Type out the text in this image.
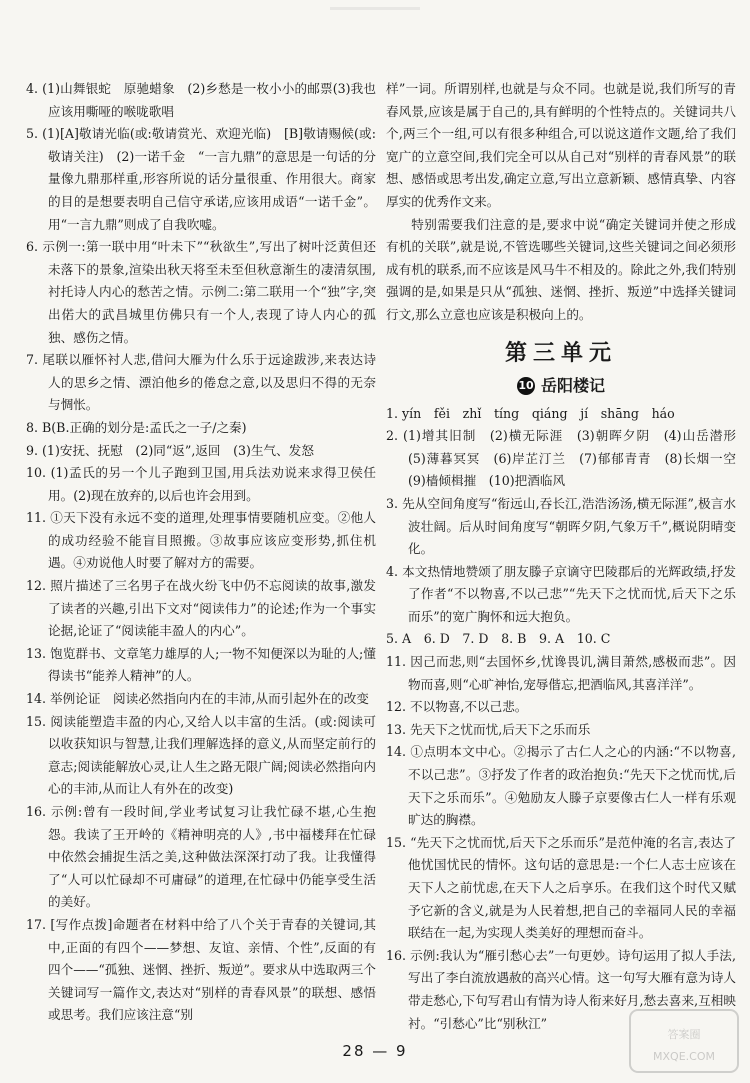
4. (1)山舞银蛇　原驰蜡象　(2)乡愁是一枚小小的邮票(3)我也应该用嘶哑的喉咙歌唱

5. (1)[A]敬请光临(或:敬请赏光、欢迎光临)　[B]敬请赐候(或:敬请关注)　(2)一诺千金　“一言九鼎”的意思是一句话的分量像九鼎那样重,形容所说的话分量很重、作用很大。商家的目的是想要表明自己信守承诺,应该用成语“一诺千金”。用“一言九鼎”则成了自我吹嘘。

6. 示例一:第一联中用“叶未下”“秋欲生”,写出了树叶泛黄但还未落下的景象,渲染出秋天将至未至但秋意渐生的凄清氛围,衬托诗人内心的愁苦之情。示例二:第二联用一个“独”字,突出偌大的武昌城里仿佛只有一个人,表现了诗人内心的孤独、感伤之情。

7. 尾联以雁怀衬人悲,借问大雁为什么乐于远途跋涉,来表达诗人的思乡之情、漂泊他乡的倦怠之意,以及思归不得的无奈与惆怅。

8. B(B.正确的划分是:孟氏之一子/之秦)

9. (1)安抚、抚慰　(2)同“返”,返回　(3)生气、发怒

10. (1)孟氏的另一个儿子跑到卫国,用兵法劝说来求得卫侯任用。(2)现在放弃的,以后也许会用到。

11. ①天下没有永远不变的道理,处理事情要随机应变。②他人的成功经验不能盲目照搬。③故事应该应变形势,抓住机遇。④劝说他人时要了解对方的需要。

12. 照片描述了三名男子在战火纷飞中仍不忘阅读的故事,激发了读者的兴趣,引出下文对“阅读伟力”的论述;作为一个事实论据,论证了“阅读能丰盈人的内心”。

13. 饱览群书、文章笔力雄厚的人;一物不知便深以为耻的人;懂得读书“能养人精神”的人。

14. 举例论证　阅读必然指向内在的丰沛,从而引起外在的改变

15. 阅读能塑造丰盈的内心,又给人以丰富的生活。(或:阅读可以收获知识与智慧,让我们理解选择的意义,从而坚定前行的意志;阅读能解放心灵,让人生之路无限广阔;阅读必然指向内心的丰沛,从而让人有外在的改变)

16. 示例:曾有一段时间,学业考试复习让我忙碌不堪,心生抱怨。我读了王开岭的《精神明亮的人》,书中福楼拜在忙碌中依然会捕捉生活之美,这种做法深深打动了我。让我懂得了“人可以忙碌却不可庸碌”的道理,在忙碌中仍能享受生活的美好。

17. [写作点拨]命题者在材料中给了八个关于青春的关键词,其中,正面的有四个——梦想、友谊、亲情、个性”,反面的有四个——“孤独、迷惘、挫折、叛逆”。要求从中选取两三个关键词写一篇作文,表达对“别样的青春风景”的联想、感悟或思考。我们应该注意“别

样”一词。所谓别样,也就是与众不同。也就是说,我们所写的青春风景,应该是属于自己的,具有鲜明的个性特点的。关键词共八个,两三个一组,可以有很多种组合,可以说这道作文题,给了我们宽广的立意空间,我们完全可以从自己对“别样的青春风景”的联想、感悟或思考出发,确定立意,写出立意新颖、感情真挚、内容厚实的优秀作文来。

特别需要我们注意的是,要求中说“确定关键词并使之形成有机的关联”,就是说,不管选哪些关键词,这些关键词之间必须形成有机的联系,而不应该是风马牛不相及的。除此之外,我们特别强调的是,如果是只从“孤独、迷惘、挫折、叛逆”中选择关键词行文,那么立意也应该是积极向上的。

第三单元
10 岳阳楼记

1. yín　fěi　zhǐ　tíng　qiáng　jí　shāng　háo

2. (1)增其旧制　(2)横无际涯　(3)朝晖夕阴　(4)山岳潜形　(5)薄暮冥冥　(6)岸芷汀兰　(7)郁郁青青　(8)长烟一空　(9)樯倾楫摧　(10)把酒临风

3. 先从空间角度写“衔远山,吞长江,浩浩汤汤,横无际涯”,极言水波壮阔。后从时间角度写“朝晖夕阴,气象万千”,概说阴晴变化。

4. 本文热情地赞颂了朋友滕子京谪守巴陵郡后的光辉政绩,抒发了作者“不以物喜,不以己悲”“先天下之忧而忧,后天下之乐而乐”的宽广胸怀和远大抱负。

5. A　6. D　7. D　8. B　9. A　10. C

11. 因己而悲,则“去国怀乡,忧谗畏讥,满目萧然,感极而悲”。因物而喜,则“心旷神怡,宠辱偕忘,把酒临风,其喜洋洋”。

12. 不以物喜,不以己悲。

13. 先天下之忧而忧,后天下之乐而乐

14. ①点明本文中心。②揭示了古仁人之心的内涵:“不以物喜,不以己悲”。③抒发了作者的政治抱负:“先天下之忧而忧,后天下之乐而乐”。④勉励友人滕子京要像古仁人一样有乐观旷达的胸襟。

15. “先天下之忧而忧,后天下之乐而乐”是范仲淹的名言,表达了他忧国忧民的情怀。这句话的意思是:一个仁人志士应该在天下人之前忧虑,在天下人之后享乐。在我们这个时代又赋予它新的含义,就是为人民着想,把自己的幸福同人民的幸福联结在一起,为实现人类美好的理想而奋斗。

16. 示例:我认为“雁引愁心去”一句更妙。诗句运用了拟人手法,写出了李白流放遇赦的高兴心情。这一句写大雁有意为诗人带走愁心,下句写君山有情为诗人衔来好月,愁去喜来,互相映衬。“引愁心”比“别秋江”

28 — 9
答案圈
MXQE.COM
